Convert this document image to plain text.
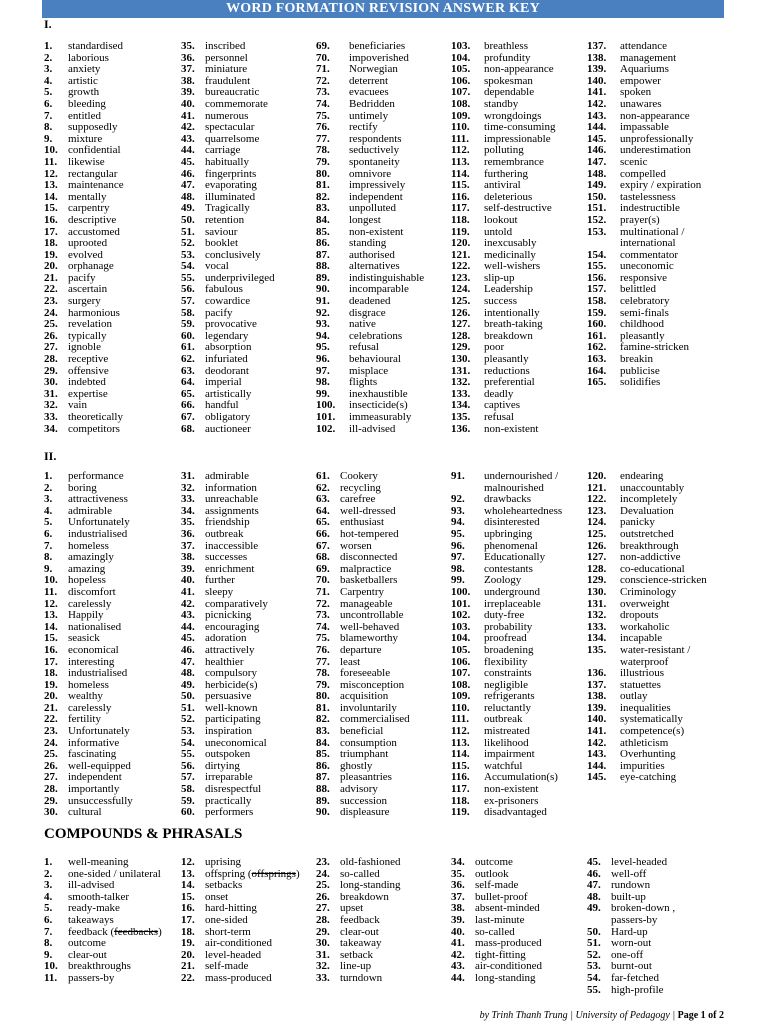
WORD FORMATION REVISION ANSWER KEY
I.
1.	standardised
2.	laborious
3.	anxiety
4.	artistic
5.	growth
6.	bleeding
7.	entitled
8.	supposedly
9.	mixture
10. confidential
11. likewise
12. rectangular
13. maintenance
14. mentally
15. carpentry
16. descriptive
17. accustomed
18. uprooted
19. evolved
20. orphanage
21. pacify
22. ascertain
23. surgery
24. harmonious
25. revelation
26. typically
27. ignoble
28. receptive
29. offensive
30. indebted
31. expertise
32. vain
33. theoretically
34. competitors
35. inscribed
36. personnel
37. miniature
38. fraudulent
39. bureaucratic
40. commemorate
41. numerous
42. spectacular
43. quarrelsome
44. carriage
45. habitually
46. fingerprints
47. evaporating
48. illuminated
49. Tragically
50. retention
51. saviour
52. booklet
53. conclusively
54. vocal
55. underprivileged
56. fabulous
57. cowardice
58. pacify
59. provocative
60. legendary
61. absorption
62. infuriated
63. deodorant
64. imperial
65. artistically
66. handful
67. obligatory
68. auctioneer
69.	beneficiaries
70.	impoverished
71.	Norwegian
72.	deterrent
73.	evacuees
74.	Bedridden
75.	untimely
76.	rectify
77.	respondents
78.	seductively
79.	spontaneity
80.	omnivore
81.	impressively
82.	independent
83.	unpolluted
84.	longest
85.	non-existent
86.	standing
87.	authorised
88.	alternatives
89.	indistinguishable
90.	incomparable
91.	deadened
92.	disgrace
93.	native
94.	celebrations
95.	refusal
96.	behavioural
97.	misplace
98.	flights
99.	inexhaustible
100.	insecticide(s)
101.	immeasurably
102.	ill-advised
103.	breathless
104.	profundity
105.	non-appearance
106.	spokesman
107.	dependable
108.	standby
109.	wrongdoings
110.	time-consuming
111.	impressionable
112.	polluting
113.	remembrance
114.	furthering
115.	antiviral
116.	deleterious
117.	self-destructive
118.	lookout
119.	untold
120.	inexcusably
121.	medicinally
122.	well-wishers
123.	slip-up
124.	Leadership
125.	success
126.	intentionally
127.	breath-taking
128.	breakdown
129.	poor
130.	pleasantly
131.	reductions
132.	preferential
133.	deadly
134.	captives
135.	refusal
136.	non-existent
137.	attendance
138.	management
139.	Aquariums
140.	empower
141.	spoken
142.	unawares
143.	non-appearance
144.	impassable
145.	unprofessionally
146.	underestimation
147.	scenic
148.	compelled
149.	expiry / expiration
150.	tastelessness
151.	indestructible
152.	prayer(s)
153.	multinational /
international
154.	commentator
155.	uneconomic
156.	responsive
157.	belittled
158.	celebratory
159.	semi-finals
160.	childhood
161.	pleasantly
162.	famine-stricken
163.	breakin
164.	publicise
165.	solidifies
II.
1.	performance
2.	boring
3.	attractiveness
4.	admirable
5.	Unfortunately
6.	industrialised
7.	homeless
8.	amazingly
9.	amazing
10. hopeless
11. discomfort
12. carelessly
13. Happily
14. nationalised
15. seasick
16. economical
17. interesting
18. industrialised
19. homeless
20. wealthy
21. carelessly
22. fertility
23. Unfortunately
24. informative
25. fascinating
26. well-equipped
27. independent
28. importantly
29. unsuccessfully
30. cultural
31. admirable
32. information
33. unreachable
34. assignments
35. friendship
36. outbreak
37. inaccessible
38. successes
39. enrichment
40. further
41. sleepy
42. comparatively
43. picnicking
44. encouraging
45. adoration
46. attractively
47. healthier
48. compulsory
49. herbicide(s)
50. persuasive
51. well-known
52. participating
53. inspiration
54. uneconomical
55. outspoken
56. dirtying
57. irreparable
58. disrespectful
59. practically
60. performers
61. Cookery
62. recycling
63. carefree
64. well-dressed
65. enthusiast
66. hot-tempered
67. worsen
68. disconnected
69. malpractice
70. basketballers
71. Carpentry
72. manageable
73. uncontrollable
74. well-behaved
75. blameworthy
76. departure
77. least
78. foreseeable
79. misconception
80. acquisition
81. involuntarily
82. commercialised
83. beneficial
84. consumption
85. triumphant
86. ghostly
87. pleasantries
88. advisory
89. succession
90. displeasure
91.	undernourished /
malnourished
92.	drawbacks
93.	wholeheartedness
94.	disinterested
95.	upbringing
96.	phenomenal
97.	Educationally
98.	contestants
99.	Zoology
100.	underground
101.	irreplaceable
102.	duty-free
103.	probability
104.	proofread
105.	broadening
106.	flexibility
107.	constraints
108.	negligible
109.	refrigerants
110.	reluctantly
111.	outbreak
112.	mistreated
113.	likelihood
114.	impairment
115.	watchful
116.	Accumulation(s)
117.	non-existent
118.	ex-prisoners
119.	disadvantaged
120.	endearing
121.	unaccountably
122.	incompletely
123.	Devaluation
124.	panicky
125.	outstretched
126.	breakthrough
127.	non-addictive
128.	co-educational
129.	conscience-stricken
130.	Criminology
131.	overweight
132.	dropouts
133.	workaholic
134.	incapable
135.	water-resistant /
waterproof
136.	illustrious
137.	statuettes
138.	outlay
139.	inequalities
140.	systematically
141.	competence(s)
142.	athleticism
143.	Overhunting
144.	impurities
145.	eye-catching
COMPOUNDS & PHRASALS
1.	well-meaning
2.	one-sided / unilateral
3.	ill-advised
4.	smooth-talker
5.	ready-make
6.	takeaways
7.	feedback (feedbacks)
8.	outcome
9.	clear-out
10. breakthroughs
11. passers-by
12. uprising
13. offspring (offsprings)
14. setbacks
15. onset
16. hard-hitting
17. one-sided
18. short-term
19. air-conditioned
20. level-headed
21. self-made
22. mass-produced
23. old-fashioned
24. so-called
25. long-standing
26. breakdown
27. upset
28. feedback
29. clear-out
30. takeaway
31. setback
32. line-up
33. turndown
34. outcome
35. outlook
36. self-made
37. bullet-proof
38. absent-minded
39. last-minute
40. so-called
41. mass-produced
42. tight-fitting
43. air-conditioned
44. long-standing
45. level-headed
46. well-off
47. rundown
48. built-up
49. broken-down ,
passers-by
50. Hard-up
51. worn-out
52. one-off
53. burnt-out
54. far-fetched
55. high-profile
by Trinh Thanh Trung | University of Pedagogy | Page 1 of 2
